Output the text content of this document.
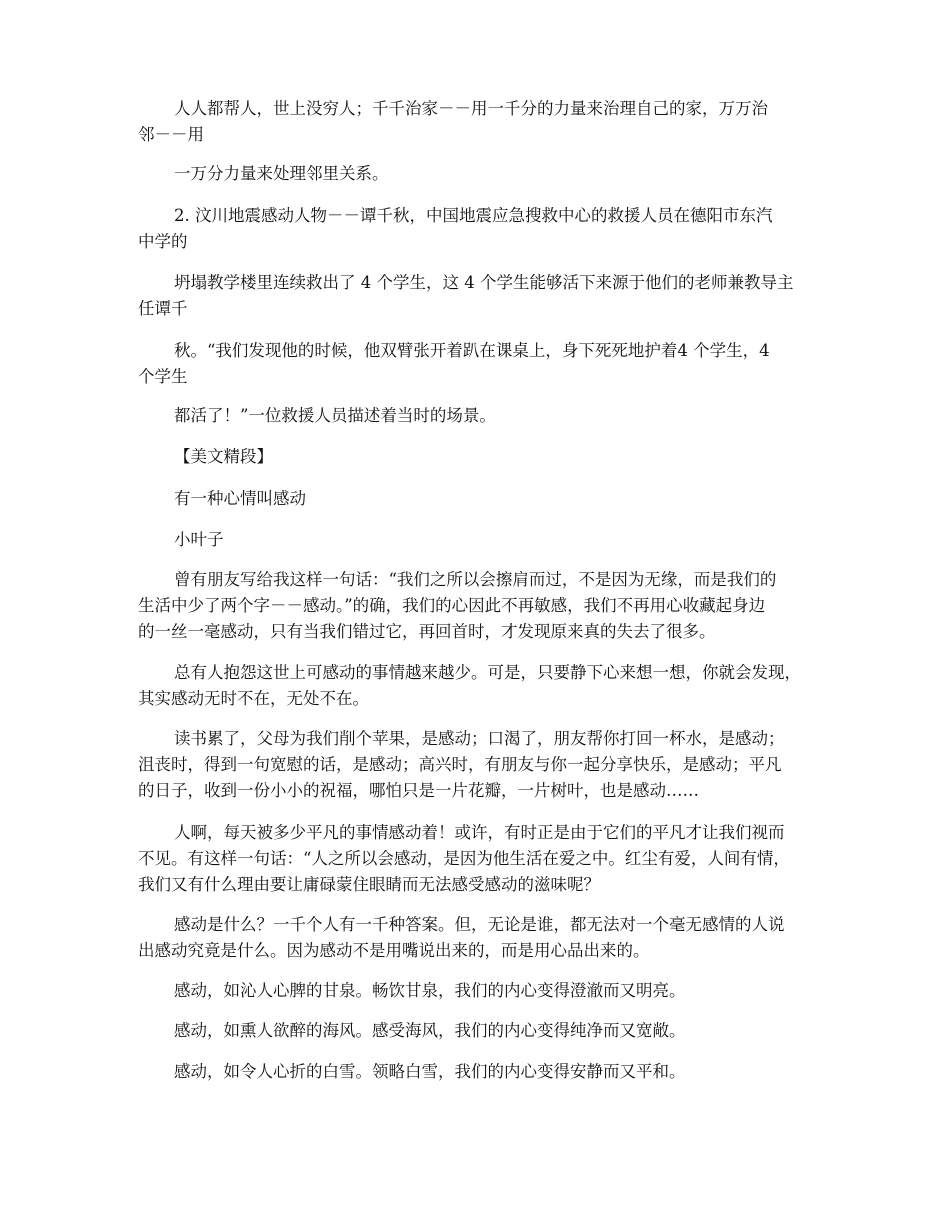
人人都帮人，世上没穷人；千千治家－－用一千分的力量来治理自己的家，万万治
邻－－用

一万分力量来处理邻里关系。

2. 汶川地震感动人物－－谭千秋，中国地震应急搜救中心的救援人员在德阳市东汽
中学的

坍塌教学楼里连续救出了 4 个学生，这 4 个学生能够活下来源于他们的老师兼教导主
任谭千

秋。“我们发现他的时候，他双臂张开着趴在课桌上，身下死死地护着4 个学生，4
个学生

都活了！”一位救援人员描述着当时的场景。

【美文精段】

有一种心情叫感动

小叶子

曾有朋友写给我这样一句话：“我们之所以会擦肩而过，不是因为无缘，而是我们的
生活中少了两个字－－感动。”的确，我们的心因此不再敏感，我们不再用心收藏起身边
的一丝一毫感动，只有当我们错过它，再回首时，才发现原来真的失去了很多。

总有人抱怨这世上可感动的事情越来越少。可是，只要静下心来想一想，你就会发现，
其实感动无时不在，无处不在。

读书累了，父母为我们削个苹果，是感动；口渴了，朋友帮你打回一杯水，是感动；
沮丧时，得到一句宽慰的话，是感动；高兴时，有朋友与你一起分享快乐，是感动；平凡
的日子，收到一份小小的祝福，哪怕只是一片花瓣，一片树叶，也是感动……

人啊，每天被多少平凡的事情感动着！或许，有时正是由于它们的平凡才让我们视而
不见。有这样一句话：“人之所以会感动，是因为他生活在爱之中。红尘有爱，人间有情，
我们又有什么理由要让庸碌蒙住眼睛而无法感受感动的滋味呢？

感动是什么？一千个人有一千种答案。但，无论是谁，都无法对一个毫无感情的人说
出感动究竟是什么。因为感动不是用嘴说出来的，而是用心品出来的。

感动，如沁人心脾的甘泉。畅饮甘泉，我们的内心变得澄澈而又明亮。

感动，如熏人欲醉的海风。感受海风，我们的内心变得纯净而又宽敞。

感动，如令人心折的白雪。领略白雪，我们的内心变得安静而又平和。
